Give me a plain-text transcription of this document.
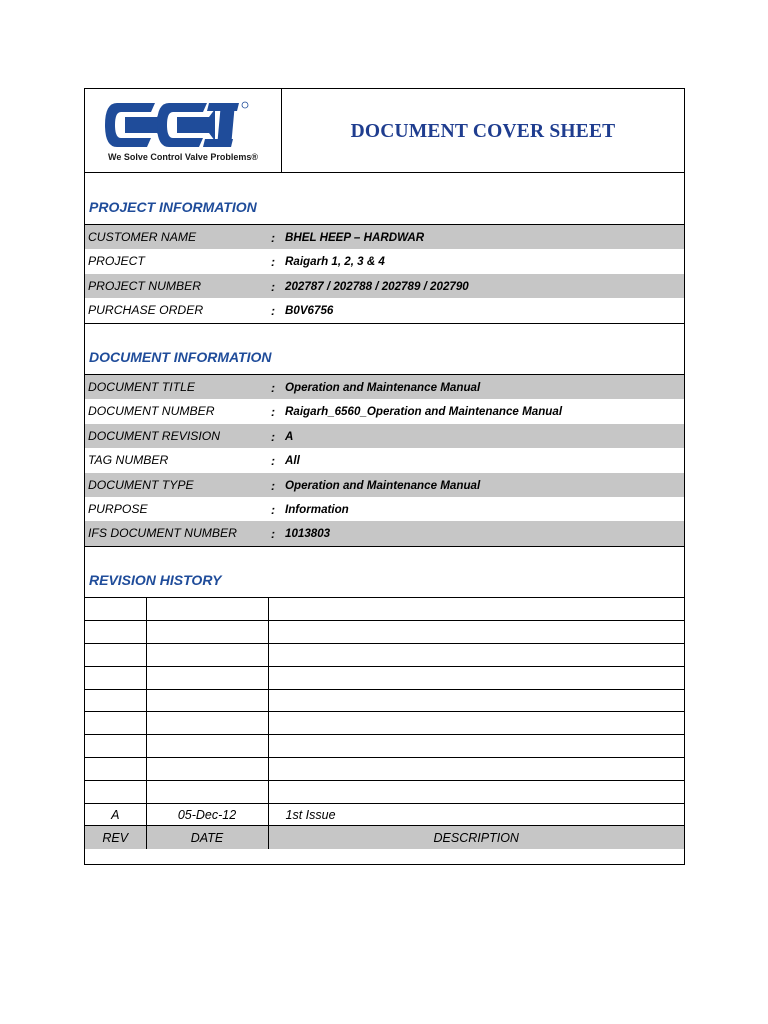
We Solve Control Valve Problems®
DOCUMENT COVER SHEET
PROJECT INFORMATION
CUSTOMER NAME	: BHEL HEEP – HARDWAR
PROJECT	: Raigarh 1, 2, 3 & 4
PROJECT NUMBER	: 202787 / 202788 / 202789 / 202790
PURCHASE ORDER	: B0V6756
DOCUMENT INFORMATION
DOCUMENT TITLE	: Operation and Maintenance Manual
DOCUMENT NUMBER	: Raigarh_6560_Operation and Maintenance Manual
DOCUMENT REVISION	: A
TAG NUMBER	: All
DOCUMENT TYPE	: Operation and Maintenance Manual
PURPOSE	: Information
IFS DOCUMENT NUMBER	: 1013803
REVISION HISTORY

A	05-Dec-12	1st Issue
REV	DATE	DESCRIPTION
